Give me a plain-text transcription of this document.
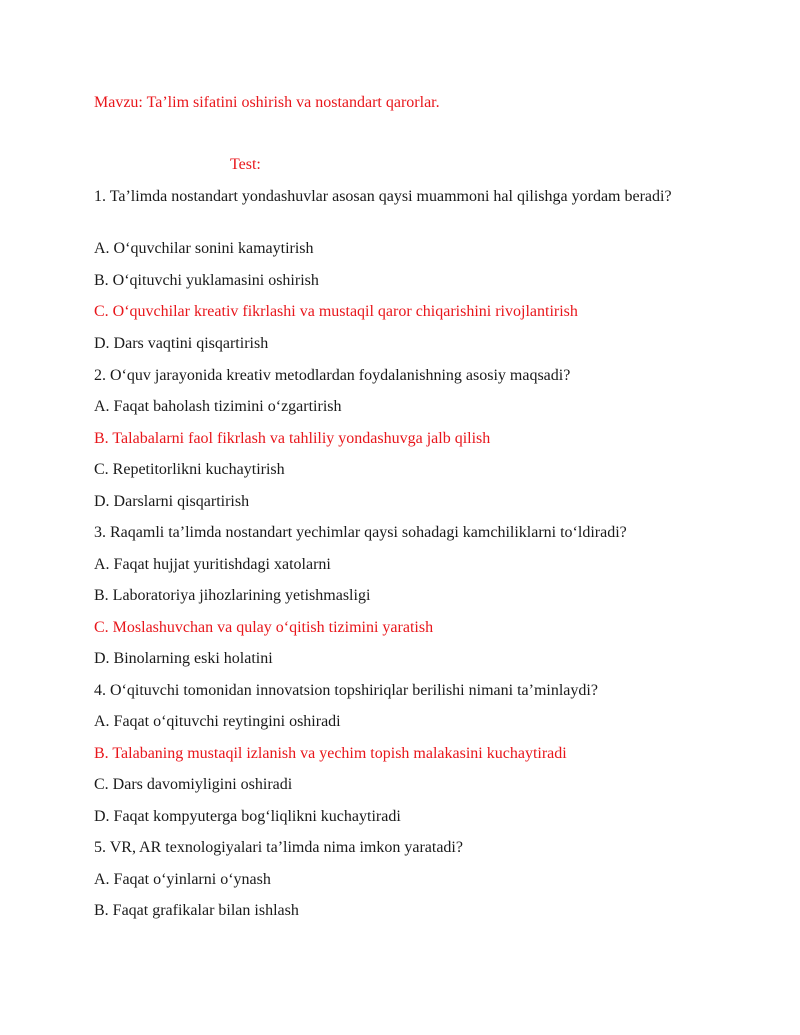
Mavzu: Ta’lim sifatini oshirish va nostandart qarorlar.
Test:
1. Ta’limda nostandart yondashuvlar asosan qaysi muammoni hal qilishga yordam beradi?
A. O‘quvchilar sonini kamaytirish
B. O‘qituvchi yuklamasini oshirish
C. O‘quvchilar kreativ fikrlashi va mustaqil qaror chiqarishini rivojlantirish
D. Dars vaqtini qisqartirish
2. O‘quv jarayonida kreativ metodlardan foydalanishning asosiy maqsadi?
A. Faqat baholash tizimini o‘zgartirish
B. Talabalarni faol fikrlash va tahliliy yondashuvga jalb qilish
C. Repetitorlikni kuchaytirish
D. Darslarni qisqartirish
3. Raqamli ta’limda nostandart yechimlar qaysi sohadagi kamchiliklarni to‘ldiradi?
A. Faqat hujjat yuritishdagi xatolarni
B. Laboratoriya jihozlarining yetishmasligi
C. Moslashuvchan va qulay o‘qitish tizimini yaratish
D. Binolarning eski holatini
4. O‘qituvchi tomonidan innovatsion topshiriqlar berilishi nimani ta’minlaydi?
A. Faqat o‘qituvchi reytingini oshiradi
B. Talabaning mustaqil izlanish va yechim topish malakasini kuchaytiradi
C. Dars davomiyligini oshiradi
D. Faqat kompyuterga bog‘liqlikni kuchaytiradi
5. VR, AR texnologiyalari ta’limda nima imkon yaratadi?
A. Faqat o‘yinlarni o‘ynash
B. Faqat grafikalar bilan ishlash
